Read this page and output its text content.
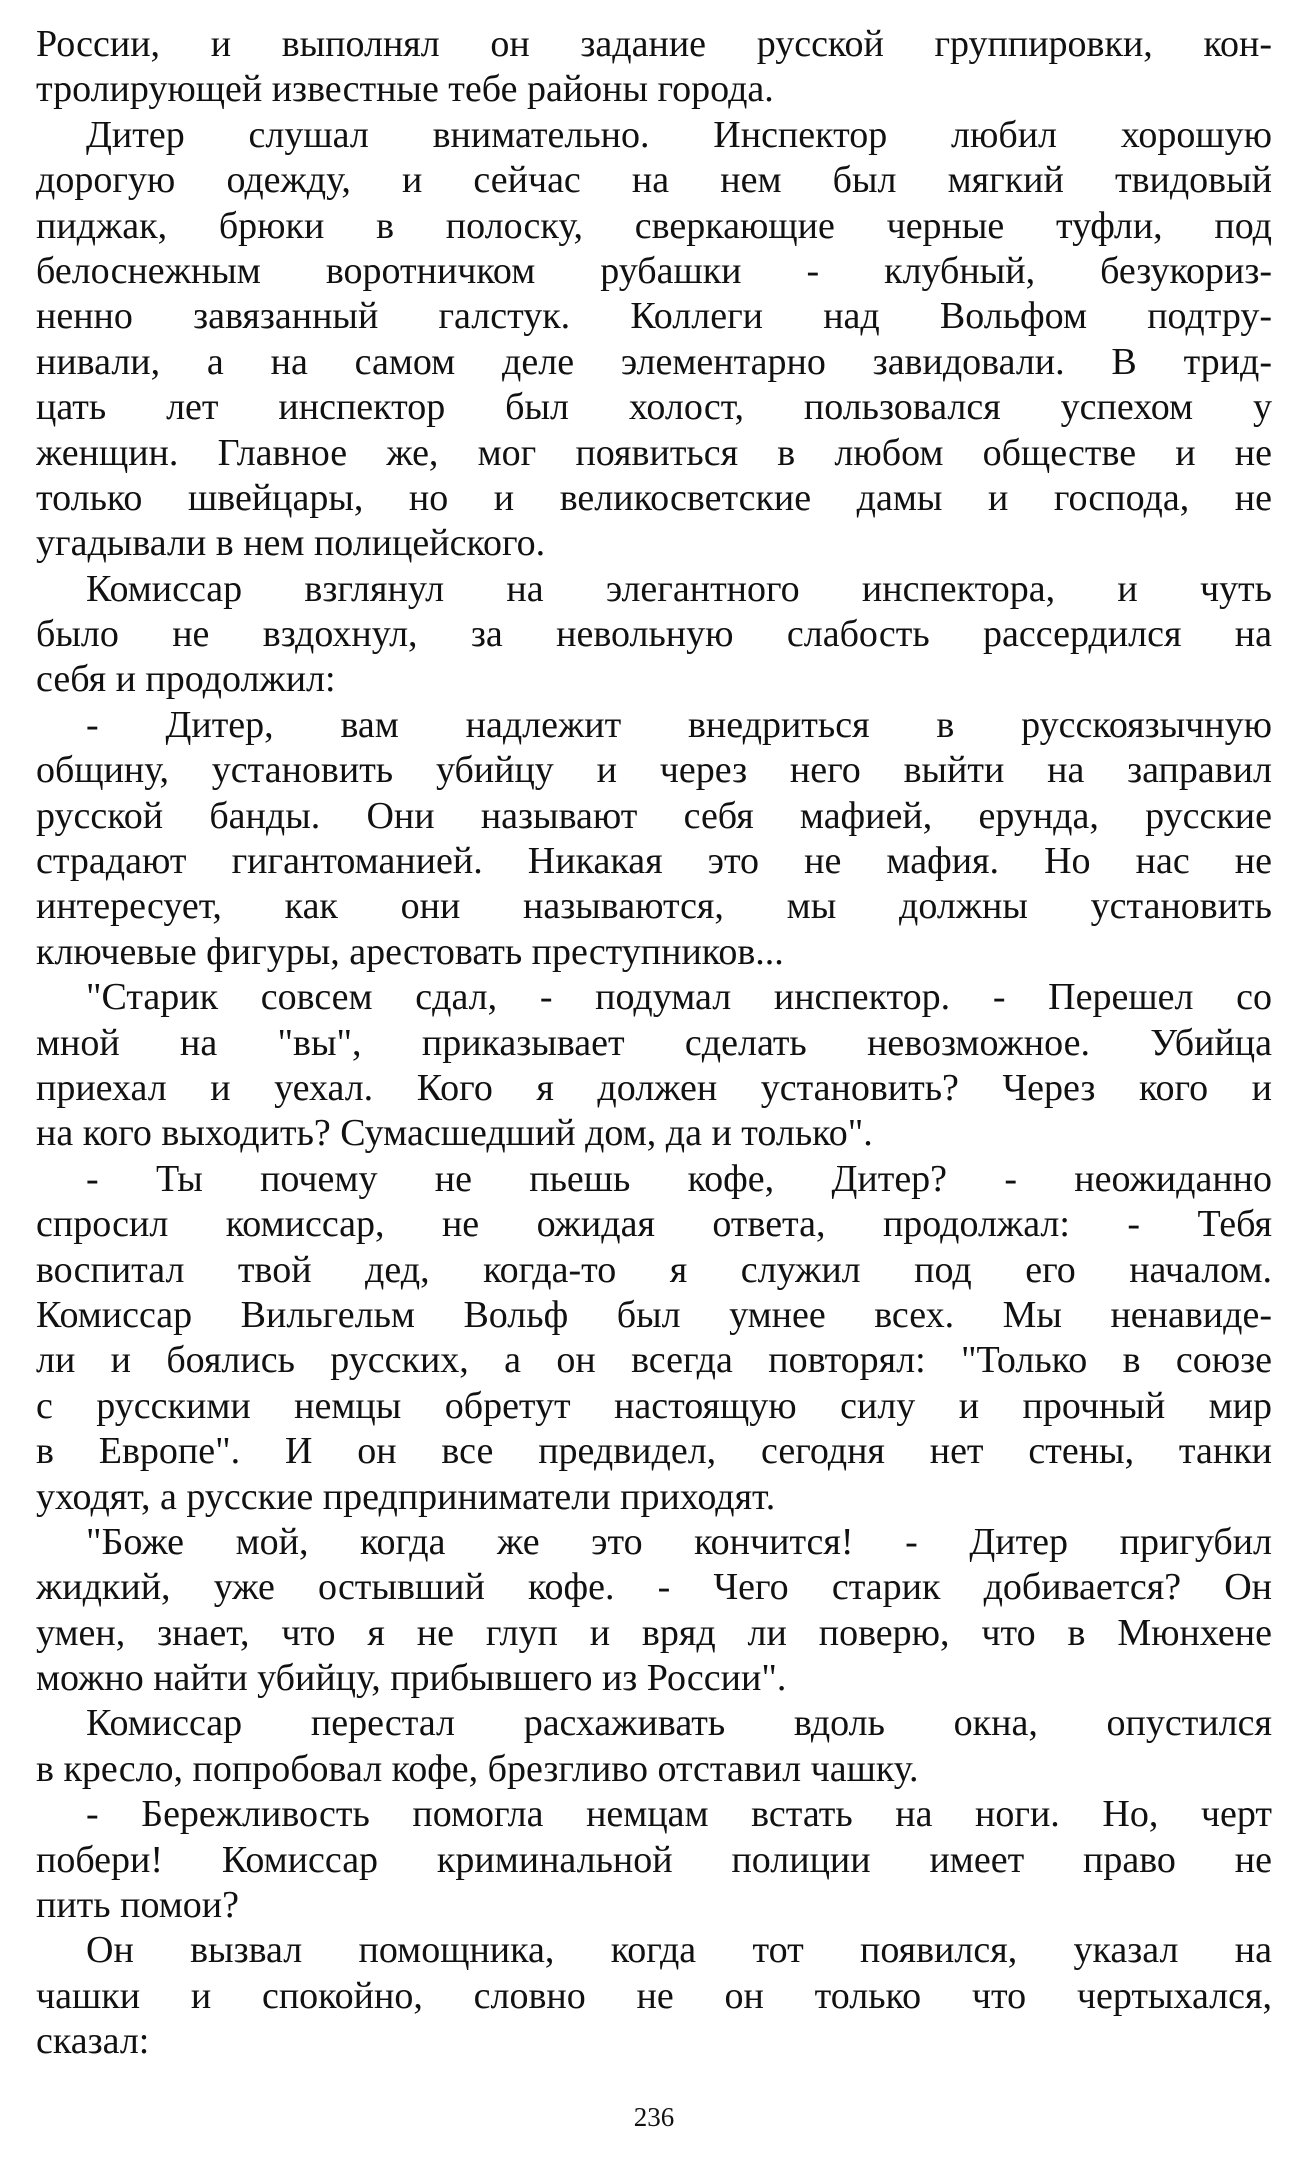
России, и выполнял он задание русской группировки, кон-
тролирующей известные тебе районы города.
Дитер слушал внимательно. Инспектор любил хорошую
дорогую одежду, и сейчас на нем был мягкий твидовый
пиджак, брюки в полоску, сверкающие черные туфли, под
белоснежным воротничком рубашки - клубный, безукориз-
ненно завязанный галстук. Коллеги над Вольфом подтру-
нивали, а на самом деле элементарно завидовали. В трид-
цать лет инспектор был холост, пользовался успехом у
женщин. Главное же, мог появиться в любом обществе и не
только швейцары, но и великосветские дамы и господа, не
угадывали в нем полицейского.
Комиссар взглянул на элегантного инспектора, и чуть
было не вздохнул, за невольную слабость рассердился на
себя и продолжил:
- Дитер, вам надлежит внедриться в русскоязычную
общину, установить убийцу и через него выйти на заправил
русской банды. Они называют себя мафией, ерунда, русские
страдают гигантоманией. Никакая это не мафия. Но нас не
интересует, как они называются, мы должны установить
ключевые фигуры, арестовать преступников...
"Старик совсем сдал, - подумал инспектор. - Перешел со
мной на "вы", приказывает сделать невозможное. Убийца
приехал и уехал. Кого я должен установить? Через кого и
на кого выходить? Сумасшедший дом, да и только".
- Ты почему не пьешь кофе, Дитер? - неожиданно
спросил комиссар, не ожидая ответа, продолжал: - Тебя
воспитал твой дед, когда-то я служил под его началом.
Комиссар Вильгельм Вольф был умнее всех. Мы ненавиде-
ли и боялись русских, а он всегда повторял: "Только в союзе
с русскими немцы обретут настоящую силу и прочный мир
в Европе". И он все предвидел, сегодня нет стены, танки
уходят, а русские предприниматели приходят.
"Боже мой, когда же это кончится! - Дитер пригубил
жидкий, уже остывший кофе. - Чего старик добивается? Он
умен, знает, что я не глуп и вряд ли поверю, что в Мюнхене
можно найти убийцу, прибывшего из России".
Комиссар перестал расхаживать вдоль окна, опустился
в кресло, попробовал кофе, брезгливо отставил чашку.
- Бережливость помогла немцам встать на ноги. Но, черт
побери! Комиссар криминальной полиции имеет право не
пить помои?
Он вызвал помощника, когда тот появился, указал на
чашки и спокойно, словно не он только что чертыхался,
сказал:
236
